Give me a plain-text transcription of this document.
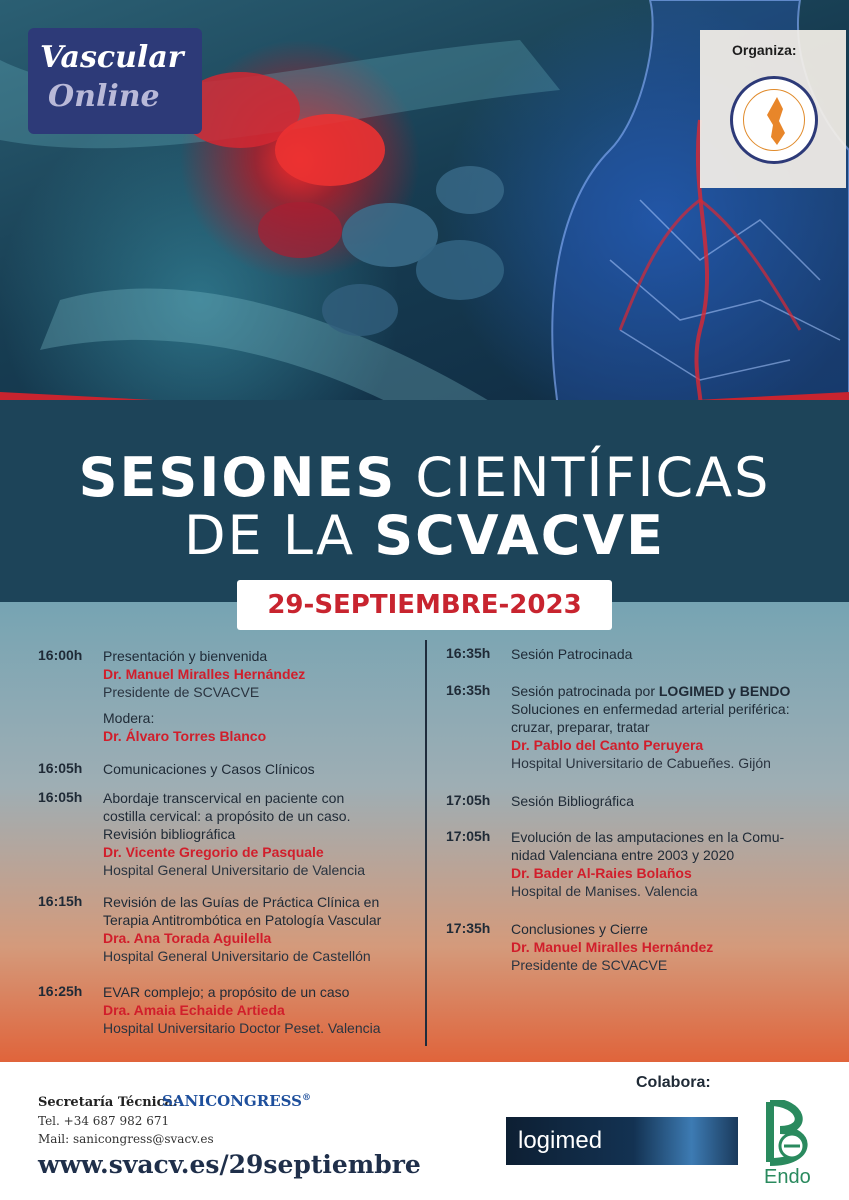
Vascular
Online
Organiza:
SESIONES CIENTÍFICAS
DE LA SCVACVE
29-SEPTIEMBRE-2023
16:00h Presentación y bienvenida
Dr. Manuel Miralles Hernández
Presidente de SCVACVE
Modera:
Dr. Álvaro Torres Blanco
16:05h Comunicaciones y Casos Clínicos
16:05h Abordaje transcervical en paciente con
costilla cervical: a propósito de un caso.
Revisión bibliográfica
Dr. Vicente Gregorio de Pasquale
Hospital General Universitario de Valencia
16:15h Revisión de las Guías de Práctica Clínica en
Terapia Antitrombótica en Patología Vascular
Dra. Ana Torada Aguilella
Hospital General Universitario de Castellón
16:25h EVAR complejo; a propósito de un caso
Dra. Amaia Echaide Artieda
Hospital Universitario Doctor Peset. Valencia
16:35h Sesión Patrocinada
16:35h Sesión patrocinada por LOGIMED y BENDO
Soluciones en enfermedad arterial periférica:
cruzar, preparar, tratar
Dr. Pablo del Canto Peruyera
Hospital Universitario de Cabueñes. Gijón
17:05h Sesión Bibliográfica
17:05h Evolución de las amputaciones en la Comu-
nidad Valenciana entre 2003 y 2020
Dr. Bader Al-Raies Bolaños
Hospital de Manises. Valencia
17:35h Conclusiones y Cierre
Dr. Manuel Miralles Hernández
Presidente de SCVACVE
Secretaría Técnica:
SANICONGRESS®
Tel. +34 687 982 671
Mail: sanicongress@svacv.es
www.svacv.es/29septiembre
Colabora:
logimed
Endo
